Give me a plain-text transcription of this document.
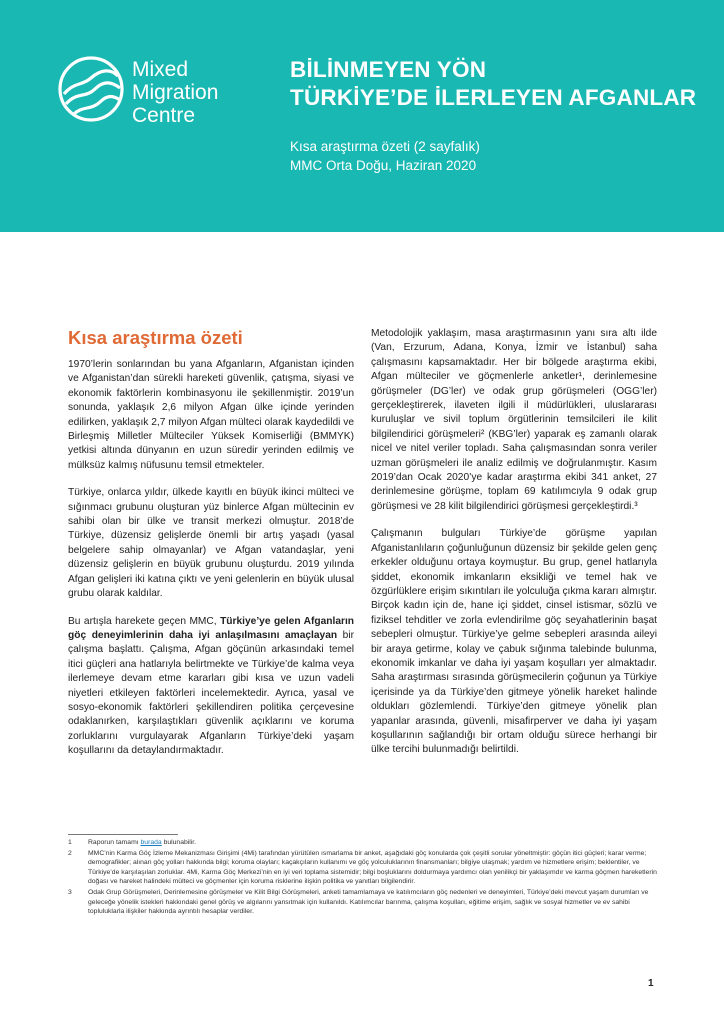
Mixed
Migration
Centre
BİLİNMEYEN YÖN
TÜRKİYE’DE İLERLEYEN AFGANLAR
Kısa araştırma özeti (2 sayfalık)
MMC Orta Doğu, Haziran 2020
Kısa araştırma özeti

1970’lerin sonlarından bu yana Afganların, Afganistan içinden ve Afganistan’dan sürekli hareketi güvenlik, çatışma, siyasi ve ekonomik faktörlerin kombinasyonu ile şekillenmiştir. 2019’un sonunda, yaklaşık 2,6 milyon Afgan ülke içinde yerinden edilirken, yaklaşık 2,7 milyon Afgan mülteci olarak kaydedildi ve Birleşmiş Milletler Mülteciler Yüksek Komiserliği (BMMYK) yetkisi altında dünyanın en uzun süredir yerinden edilmiş ve mülksüz kalmış nüfusunu temsil etmekteler.

Türkiye, onlarca yıldır, ülkede kayıtlı en büyük ikinci mülteci ve sığınmacı grubunu oluşturan yüz binlerce Afgan mültecinin ev sahibi olan bir ülke ve transit merkezi olmuştur. 2018’de Türkiye, düzensiz gelişlerde önemli bir artış yaşadı (yasal belgelere sahip olmayanlar) ve Afgan vatandaşlar, yeni düzensiz gelişlerin en büyük grubunu oluşturdu. 2019 yılında Afgan gelişleri iki katına çıktı ve yeni gelenlerin en büyük ulusal grubu olarak kaldılar.

Bu artışla harekete geçen MMC, Türkiye’ye gelen Afganların göç deneyimlerinin daha iyi anlaşılmasını amaçlayan bir çalışma başlattı. Çalışma, Afgan göçünün arkasındaki temel itici güçleri ana hatlarıyla belirtmekte ve Türkiye’de kalma veya ilerlemeye devam etme kararları gibi kısa ve uzun vadeli niyetleri etkileyen faktörleri incelemektedir. Ayrıca, yasal ve sosyo-ekonomik faktörleri şekillendiren politika çerçevesine odaklanırken, karşılaştıkları güvenlik açıklarını ve koruma zorluklarını vurgulayarak Afganların Türkiye’deki yaşam koşullarını da detaylandırmaktadır.

Metodolojik yaklaşım, masa araştırmasının yanı sıra altı ilde (Van, Erzurum, Adana, Konya, İzmir ve İstanbul) saha çalışmasını kapsamaktadır. Her bir bölgede araştırma ekibi, Afgan mülteciler ve göçmenlerle anketler¹, derinlemesine görüşmeler (DG’ler) ve odak grup görüşmeleri (OGG’ler) gerçekleştirerek, ilaveten ilgili il müdürlükleri, uluslararası kuruluşlar ve sivil toplum örgütlerinin temsilcileri ile kilit bilgilendirici görüşmeleri² (KBG’ler) yaparak eş zamanlı olarak nicel ve nitel veriler topladı. Saha çalışmasından sonra veriler uzman görüşmeleri ile analiz edilmiş ve doğrulanmıştır. Kasım 2019’dan Ocak 2020’ye kadar araştırma ekibi 341 anket, 27 derinlemesine görüşme, toplam 69 katılımcıyla 9 odak grup görüşmesi ve 28 kilit bilgilendirici görüşmesi gerçekleştirdi.³

Çalışmanın bulguları Türkiye’de görüşme yapılan Afganistanlıların çoğunluğunun düzensiz bir şekilde gelen genç erkekler olduğunu ortaya koymuştur. Bu grup, genel hatlarıyla şiddet, ekonomik imkanların eksikliği ve temel hak ve özgürlüklere erişim sıkıntıları ile yolculuğa çıkma kararı almıştır. Birçok kadın için de, hane içi şiddet, cinsel istismar, sözlü ve fiziksel tehditler ve zorla evlendirilme göç seyahatlerinin başat sebepleri olmuştur. Türkiye’ye gelme sebepleri arasında aileyi bir araya getirme, kolay ve çabuk sığınma talebinde bulunma, ekonomik imkanlar ve daha iyi yaşam koşulları yer almaktadır. Saha araştırması sırasında görüşmecilerin çoğunun ya Türkiye içerisinde ya da Türkiye’den gitmeye yönelik hareket halinde oldukları gözlemlendi. Türkiye’den gitmeye yönelik plan yapanlar arasında, güvenli, misafirperver ve daha iyi yaşam koşullarının sağlandığı bir ortam olduğu sürece herhangi bir ülke tercihi bulunmadığı belirtildi.

1	Raporun tamamı burada bulunabilir.
2	MMC’nin Karma Göç İzleme Mekanizması Girişimi (4Mi) tarafından yürütülen ısmarlama bir anket, aşağıdaki göç konularda çok çeşitli sorular yöneltmiştir: göçün itici güçleri; karar verme; demografikler; alınan göç yolları hakkında bilgi; koruma olayları; kaçakçıların kullanımı ve göç yolculuklarının finansmanları; bilgiye ulaşmak; yardım ve hizmetlere erişim; beklentiler, ve Türkiye’de karşılaşılan zorluklar. 4Mi, Karma Göç Merkezi’nin en iyi veri toplama sistemidir; bilgi boşluklarını doldurmaya yardımcı olan yenilikçi bir yaklaşımdır ve karma göçmen hareketlerin doğası ve hareket halindeki mülteci ve göçmenler için koruma risklerine ilişkin politika ve yanıtları bilgilendirir.
3	Odak Grup Görüşmeleri, Derinlemesine görüşmeler ve Kilit Bilgi Görüşmeleri, anketi tamamlamaya ve katılımcıların göç nedenleri ve deneyimleri, Türkiye’deki mevcut yaşam durumları ve geleceğe yönelik istekleri hakkındaki genel görüş ve algılarını yansıtmak için kullanıldı. Katılımcılar barınma, çalışma koşulları, eğitime erişim, sağlık ve sosyal hizmetler ve ev sahibi topluluklarla ilişkiler hakkında ayrıntılı hesaplar verdiler.
1
